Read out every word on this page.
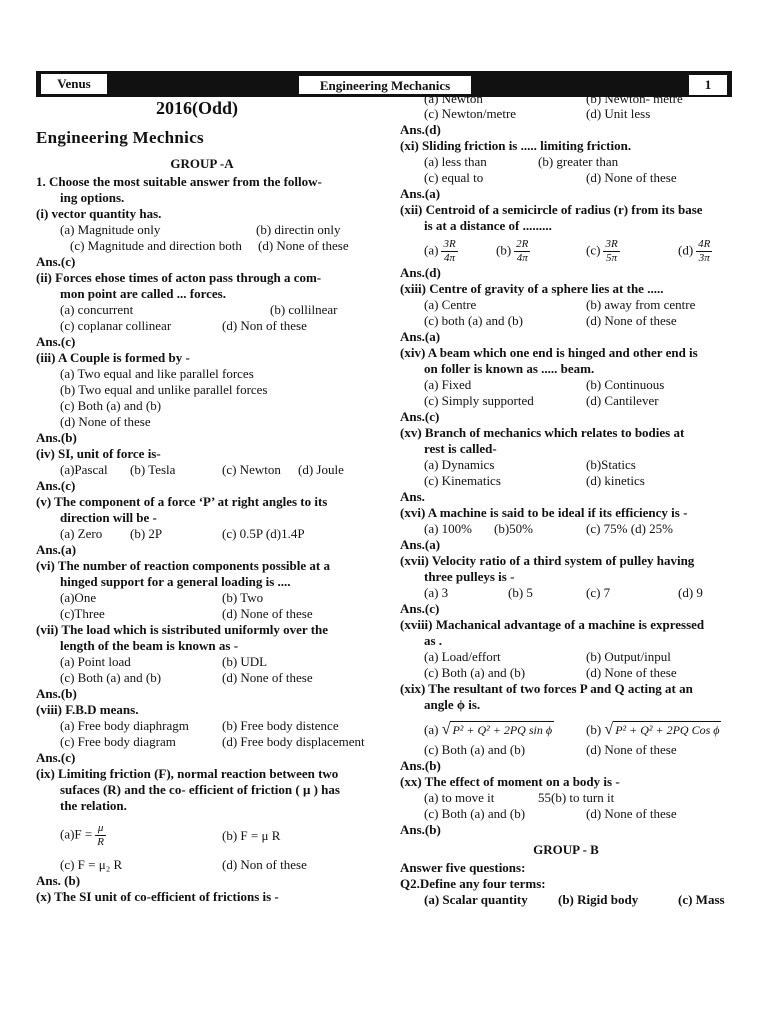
Venus	Engineering Mechanics	1
2016(Odd)
Engineering Mechnics
GROUP -A
1. Choose the most suitable answer from the follow-
ing options.
(i) vector quantity has.
(a) Magnitude only	(b) directin only
(c) Magnitude and direction both	(d) None of these
Ans.(c)
(ii) Forces ehose times of acton pass through a com-
mon point are called ... forces.
(a) concurrent	(b) collilnear
(c) coplanar collinear	(d) Non of these
Ans.(c)
(iii) A Couple is formed by -
(a) Two equal and like parallel forces
(b) Two equal and unlike parallel forces
(c) Both (a) and (b)
(d) None of these
Ans.(b)
(iv) SI, unit of force is-
(a)Pascal	(b) Tesla	(c) Newton	(d) Joule
Ans.(c)
(v) The component of a force ‘P’ at right angles to its
direction will be -
(a) Zero	(b) 2P	(c) 0.5P (d)1.4P
Ans.(a)
(vi) The number of reaction components possible at a
hinged support for a general loading is ....
(a)One	(b) Two
(c)Three	(d) None of these
(vii) The load which is sistributed uniformly over the
length of the beam is known as -
(a) Point load	(b) UDL
(c) Both (a) and (b)	(d) None of these
Ans.(b)
(viii) F.B.D means.
(a) Free body diaphragm	(b) Free body distence
(c) Free body diagram	(d) Free body displacement
Ans.(c)
(ix) Limiting friction (F), normal reaction between two
sufaces (R) and the co- efficient of friction ( μ ) has
the relation.
$(a)F = \frac{\mu}{R}$	(b) F = μ R
(c) F = μ₂ R	(d) Non of these
Ans. (b)
(x) The SI unit of co-efficient of frictions is -
(a) Newton	(b) Newton- metre
(c) Newton/metre	(d) Unit less
Ans.(d)
(xi) Sliding friction is ..... limiting friction.
(a) less than	(b) greater than
(c) equal to	(d) None of these
Ans.(a)
(xii) Centroid of a semicircle of radius (r) from its base
is at a distance of .........
$(a) \frac{3R}{4\pi}$	$(b) \frac{2R}{4\pi}$	$(c) \frac{3R}{5\pi}$	$(d) \frac{4R}{3\pi}$
Ans.(d)
(xiii) Centre of gravity of a sphere lies at the .....
(a) Centre	(b) away from centre
(c) both (a) and (b)	(d) None of these
Ans.(a)
(xiv) A beam which one end is hinged and other end is
on foller is known as ..... beam.
(a) Fixed	(b) Continuous
(c) Simply supported	(d) Cantilever
Ans.(c)
(xv) Branch of mechanics which relates to bodies at
rest is called-
(a) Dynamics	(b)Statics
(c) Kinematics	(d) kinetics
Ans.
(xvi) A machine is said to be ideal if its efficiency is -
(a) 100%	(b)50%	(c) 75% (d) 25%
Ans.(a)
(xvii) Velocity ratio of a third system of pulley having
three pulleys is -
(a) 3	(b) 5	(c) 7	(d) 9
Ans.(c)
(xviii) Machanical advantage of a machine is expressed
as .
(a) Load/effort	(b) Output/inpul
(c) Both (a) and (b)	(d) None of these
(xix) The resultant of two forces P and Q acting at an
angle ϕ is.
(a) √ P² + Q² + 2PQ sin ϕ	(b) √ P² + Q² + 2PQ Cos ϕ
(c) Both (a) and (b)	(d) None of these
Ans.(b)
(xx) The effect of moment on a body is -
(a) to move it	55(b) to turn it
(c) Both (a) and (b)	(d) None of these
Ans.(b)
GROUP - B
Answer five questions:
Q2.Define any four terms:
(a) Scalar quantity	(b) Rigid body	(c) Mass
